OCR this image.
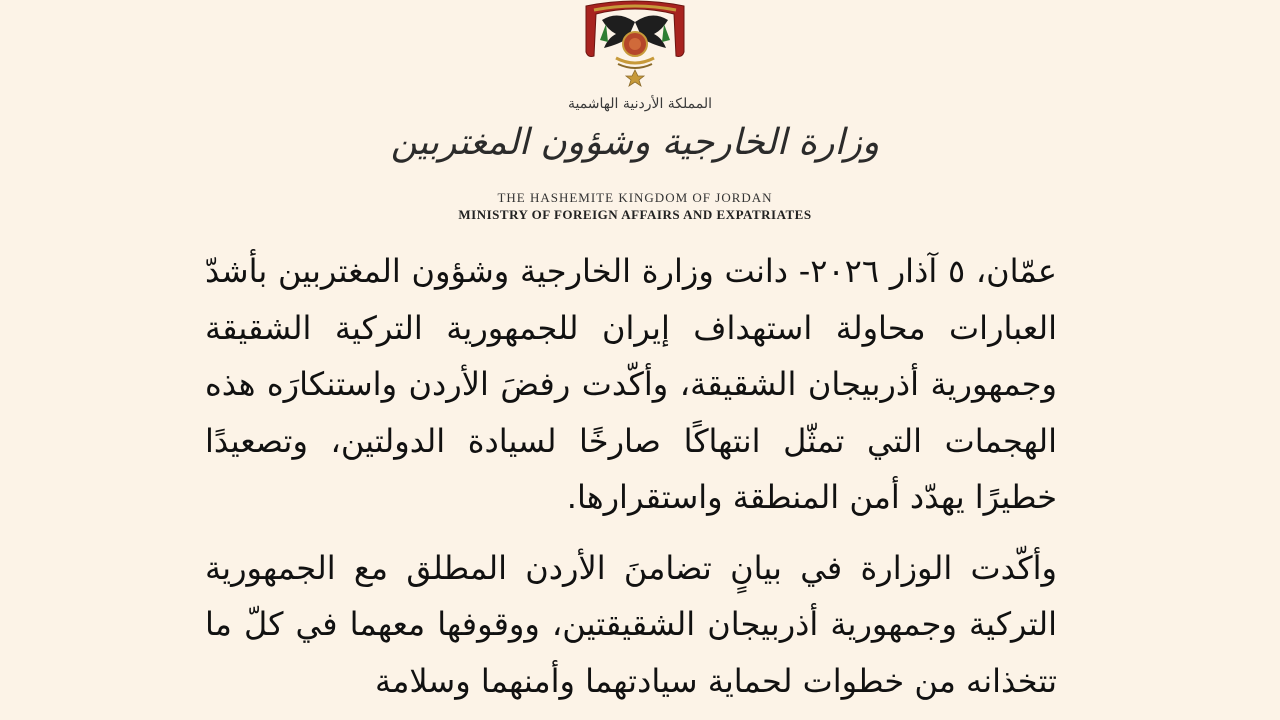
المملكة الأردنية الهاشمية
وزارة الخارجية وشؤون المغتربين
THE HASHEMITE KINGDOM OF JORDAN
MINISTRY OF FOREIGN AFFAIRS AND EXPATRIATES

عمّان، ٥ آذار ٢٠٢٦- دانت وزارة الخارجية وشؤون المغتربين بأشدّ العبارات محاولة استهداف إيران للجمهورية التركية الشقيقة وجمهورية أذربيجان الشقيقة، وأكّدت رفضَ الأردن واستنكارَه هذه الهجمات التي تمثّل انتهاكًا صارخًا لسيادة الدولتين، وتصعيدًا خطيرًا يهدّد أمن المنطقة واستقرارها.

وأكّدت الوزارة في بيانٍ تضامنَ الأردن المطلق مع الجمهورية التركية وجمهورية أذربيجان الشقيقتين، ووقوفها معهما في كلّ ما تتخذانه من خطوات لحماية سيادتهما وأمنهما وسلامة
